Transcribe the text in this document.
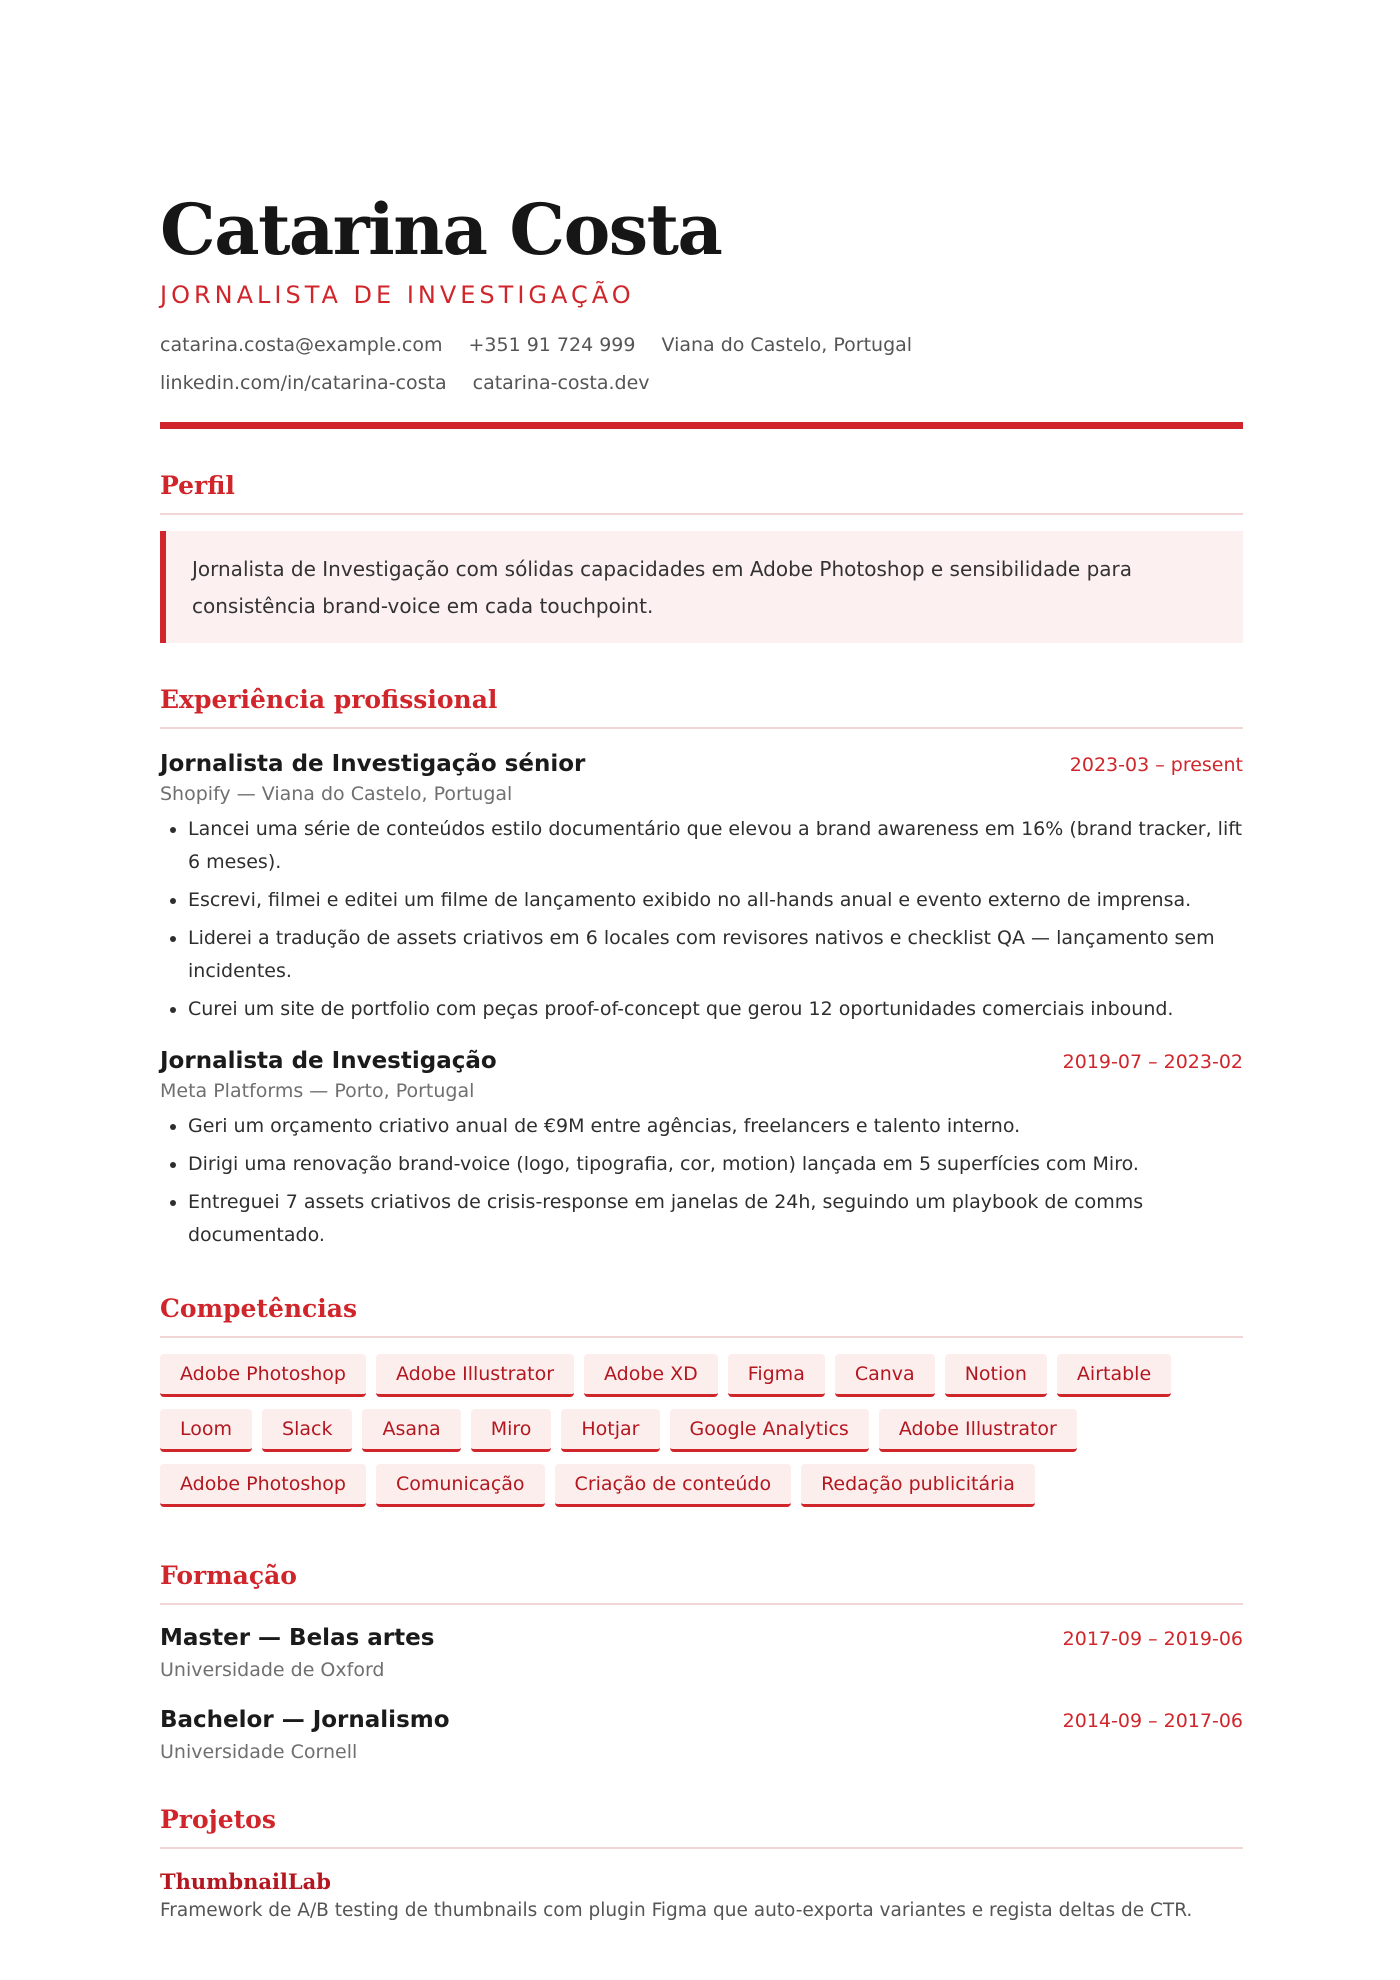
Catarina Costa
JORNALISTA DE INVESTIGAÇÃO
catarina.costa@example.com +351 91 724 999 Viana do Castelo, Portugallinkedin.com/in/catarina-costa catarina-costa.dev
Perfil
Jornalista de Investigação com sólidas capacidades em Adobe Photoshop e sensibilidade para consistência brand-voice em cada touchpoint.
Experiência profissional
Jornalista de Investigação sénior	2023-03 – present
Shopify — Viana do Castelo, Portugal
• Lancei uma série de conteúdos estilo documentário que elevou a brand awareness em 16% (brand tracker, lift 6 meses).
• Escrevi, filmei e editei um filme de lançamento exibido no all-hands anual e evento externo de imprensa.
• Liderei a tradução de assets criativos em 6 locales com revisores nativos e checklist QA — lançamento sem incidentes.
• Curei um site de portfolio com peças proof-of-concept que gerou 12 oportunidades comerciais inbound.
Jornalista de Investigação	2019-07 – 2023-02
Meta Platforms — Porto, Portugal
• Geri um orçamento criativo anual de €9M entre agências, freelancers e talento interno.
• Dirigi uma renovação brand-voice (logo, tipografia, cor, motion) lançada em 5 superfícies com Miro.
• Entreguei 7 assets criativos de crisis-response em janelas de 24h, seguindo um playbook de comms documentado.
Competências
Adobe Photoshop	Adobe Illustrator	Adobe XD	Figma	Canva	Notion	Airtable
Loom	Slack	Asana	Miro	Hotjar	Google Analytics	Adobe Illustrator
Adobe Photoshop	Comunicação	Criação de conteúdo	Redação publicitária
Formação
Master — Belas artes	2017-09 – 2019-06
Universidade de Oxford
Bachelor — Jornalismo	2014-09 – 2017-06
Universidade Cornell
Projetos
ThumbnailLab
Framework de A/B testing de thumbnails com plugin Figma que auto-exporta variantes e regista deltas de CTR.
